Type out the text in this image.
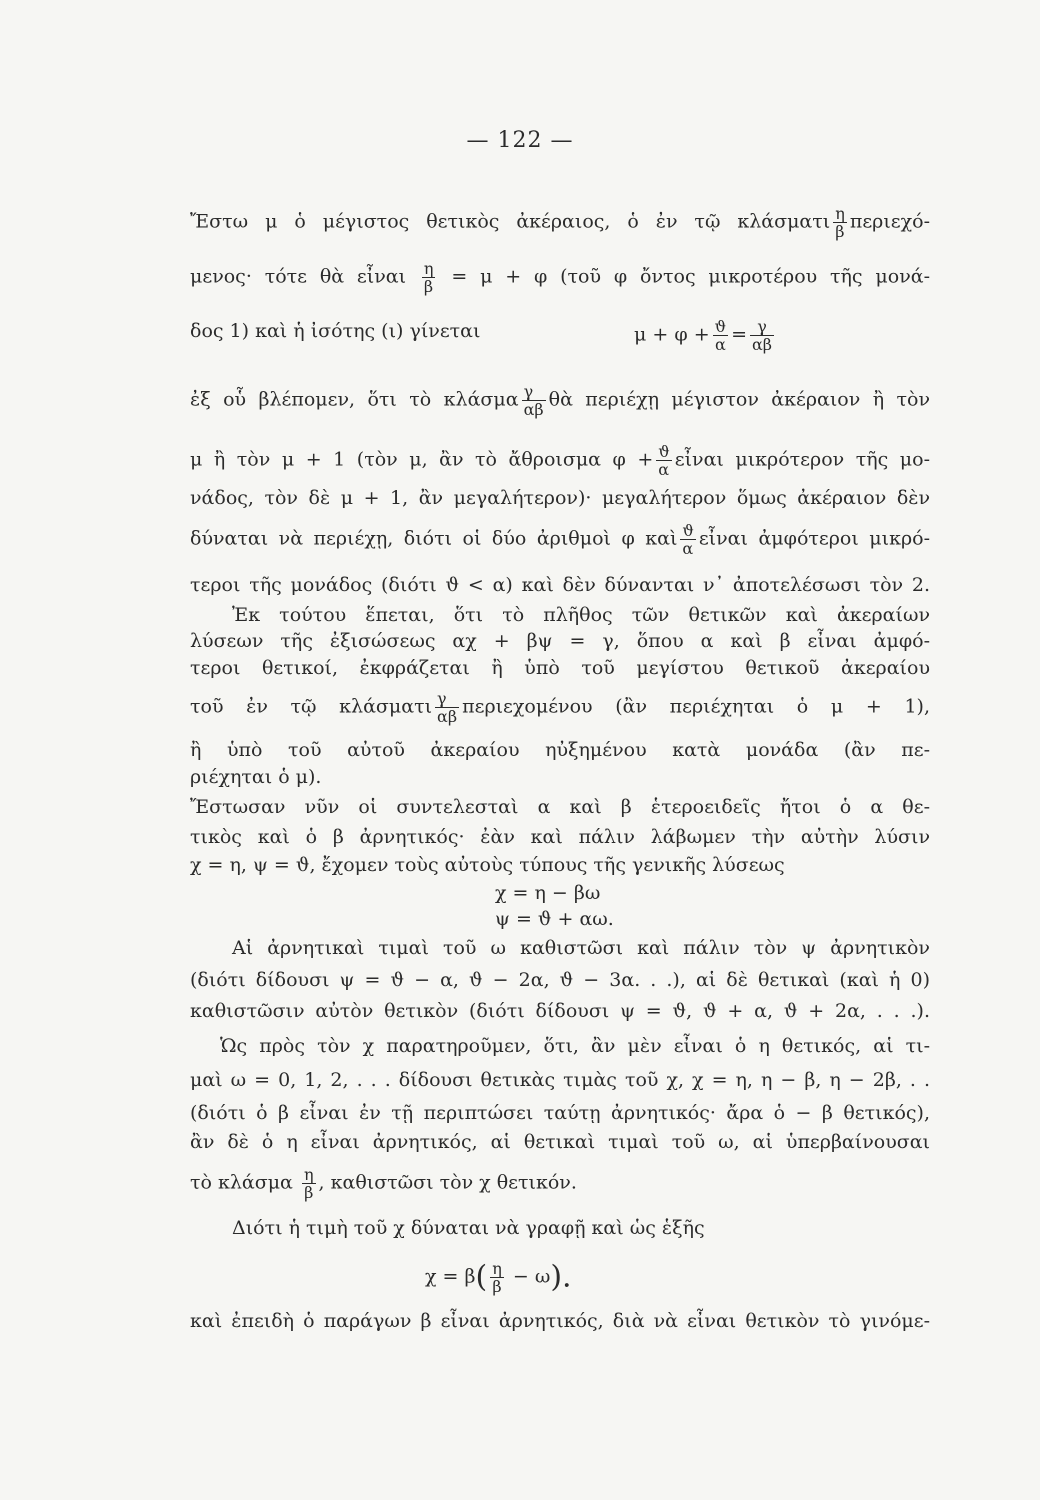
— 122 —
Ἔστω μ ὁ μέγιστος θετικὸς ἀκέραιος, ὁ ἐν τῷ κλάσματι $\frac{\eta}{\beta} \pi\varepsilon\rho\iota\varepsilon\chi ό-$
μενος· τότε θὰ εἶναι $\frac{\eta}{\beta} = \mu + \varphi$ (τοῦ φ ὄντος μικροτέρου τῆς μονά-
δος 1) καὶ ἡ ἰσότης (ι) γίνεται	$\mu + \varphi + \frac{ϑ}{\alpha} = \frac{\gamma}{\alpha\beta}$
ἐξ οὗ βλέπομεν, ὅτι τὸ κλάσμα $\frac{\gamma}{\alpha\beta}$ θὰ περιέχῃ μέγιστον ἀκέραιον ἢ τὸν
μ ἢ τὸν μ + 1 (τὸν μ, ἂν τὸ ἄθροισμα $\varphi + \frac{ϑ}{\alpha}$ εἶναι μικρότερον τῆς μο-
νάδος, τὸν δὲ μ + 1, ἂν μεγαλήτερον)· μεγαλήτερον ὅμως ἀκέραιον δὲν
δύναται νὰ περιέχῃ, διότι οἱ δύο ἀριθμοὶ φ καὶ $\frac{ϑ}{\alpha}$ εἶναι ἀμφότεροι μικρό-
τεροι τῆς μονάδος (διότι ϑ < α) καὶ δὲν δύνανται ν᾽ ἀποτελέσωσι τὸν 2.
Ἐκ τούτου ἕπεται, ὅτι τὸ πλῆθος τῶν θετικῶν καὶ ἀκεραίων
λύσεων τῆς ἐξισώσεως αχ + βψ = γ, ὅπου α καὶ β εἶναι ἀμφό-
τεροι θετικοί, ἐκφράζεται ἢ ὑπὸ τοῦ μεγίστου θετικοῦ ἀκεραίου
τοῦ ἐν τῷ κλάσματι $\frac{\gamma}{\alpha\beta}$ περιεχομένου (ἂν περιέχηται ὁ μ + 1),
ἢ ὑπὸ τοῦ αὐτοῦ ἀκεραίου ηὐξημένου κατὰ μονάδα (ἂν πε-
ριέχηται ὁ μ).
Ἔστωσαν νῦν οἱ συντελεσταὶ α καὶ β ἑτεροειδεῖς ἤτοι ὁ α θε-
τικὸς καὶ ὁ β ἀρνητικός· ἐὰν καὶ πάλιν λάβωμεν τὴν αὐτὴν λύσιν
χ = η, ψ = ϑ, ἔχομεν τοὺς αὐτοὺς τύπους τῆς γενικῆς λύσεως
χ = η − βω
ψ = ϑ + αω.
Αἱ ἀρνητικαὶ τιμαὶ τοῦ ω καθιστῶσι καὶ πάλιν τὸν ψ ἀρνητικὸν
(διότι δίδουσι ψ = ϑ − α, ϑ − 2α, ϑ − 3α. . .), αἱ δὲ θετικαὶ (καὶ ἡ 0)
καθιστῶσιν αὐτὸν θετικὸν (διότι δίδουσι ψ = ϑ, ϑ + α, ϑ + 2α, . . .).
Ὡς πρὸς τὸν χ παρατηροῦμεν, ὅτι, ἂν μὲν εἶναι ὁ η θετικός, αἱ τι-
μαὶ ω = 0, 1, 2, . . . δίδουσι θετικὰς τιμὰς τοῦ χ, χ = η, η − β, η − 2β, . .
(διότι ὁ β εἶναι ἐν τῇ περιπτώσει ταύτῃ ἀρνητικός· ἄρα ὁ − β θετικός),
ἂν δὲ ὁ η εἶναι ἀρνητικός, αἱ θετικαὶ τιμαὶ τοῦ ω, αἱ ὑπερβαίνουσαι
τὸ κλάσμα $\frac{\eta}{\beta}$ , καθιστῶσι τὸν χ θετικόν.
Διότι ἡ τιμὴ τοῦ χ δύναται νὰ γραφῇ καὶ ὡς ἑξῆς
$\chi = \beta( \frac{\eta}{\beta} - \omega)$.
καὶ ἐπειδὴ ὁ παράγων β εἶναι ἀρνητικός, διὰ νὰ εἶναι θετικὸν τὸ γινόμε-
